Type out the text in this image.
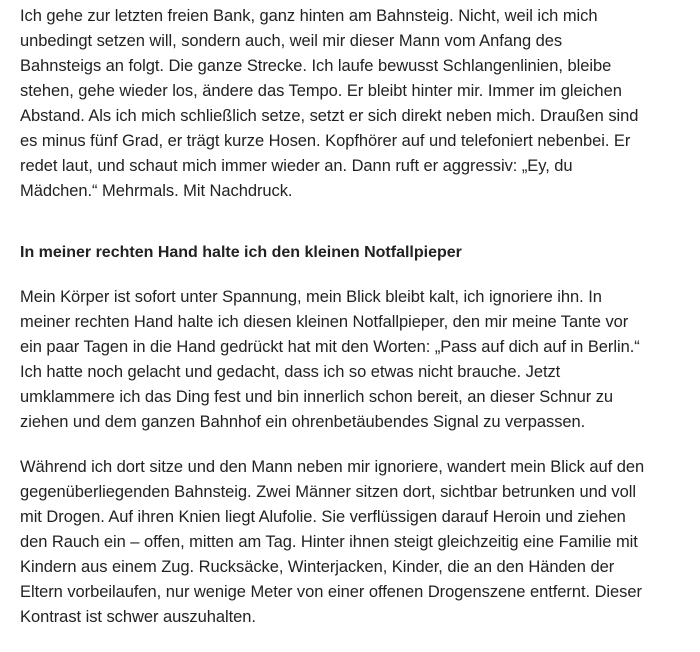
Ich gehe zur letzten freien Bank, ganz hinten am Bahnsteig. Nicht, weil ich mich
unbedingt setzen will, sondern auch, weil mir dieser Mann vom Anfang des
Bahnsteigs an folgt. Die ganze Strecke. Ich laufe bewusst Schlangenlinien, bleibe
stehen, gehe wieder los, ändere das Tempo. Er bleibt hinter mir. Immer im gleichen
Abstand. Als ich mich schließlich setze, setzt er sich direkt neben mich. Draußen sind
es minus fünf Grad, er trägt kurze Hosen. Kopfhörer auf und telefoniert nebenbei. Er
redet laut, und schaut mich immer wieder an. Dann ruft er aggressiv: „Ey, du
Mädchen.“ Mehrmals. Mit Nachdruck.

In meiner rechten Hand halte ich den kleinen Notfallpieper

Mein Körper ist sofort unter Spannung, mein Blick bleibt kalt, ich ignoriere ihn. In
meiner rechten Hand halte ich diesen kleinen Notfallpieper, den mir meine Tante vor
ein paar Tagen in die Hand gedrückt hat mit den Worten: „Pass auf dich auf in Berlin.“
Ich hatte noch gelacht und gedacht, dass ich so etwas nicht brauche. Jetzt
umklammere ich das Ding fest und bin innerlich schon bereit, an dieser Schnur zu
ziehen und dem ganzen Bahnhof ein ohrenbetäubendes Signal zu verpassen.

Während ich dort sitze und den Mann neben mir ignoriere, wandert mein Blick auf den
gegenüberliegenden Bahnsteig. Zwei Männer sitzen dort, sichtbar betrunken und voll
mit Drogen. Auf ihren Knien liegt Alufolie. Sie verflüssigen darauf Heroin und ziehen
den Rauch ein – offen, mitten am Tag. Hinter ihnen steigt gleichzeitig eine Familie mit
Kindern aus einem Zug. Rucksäcke, Winterjacken, Kinder, die an den Händen der
Eltern vorbeilaufen, nur wenige Meter von einer offenen Drogenszene entfernt. Dieser
Kontrast ist schwer auszuhalten.
